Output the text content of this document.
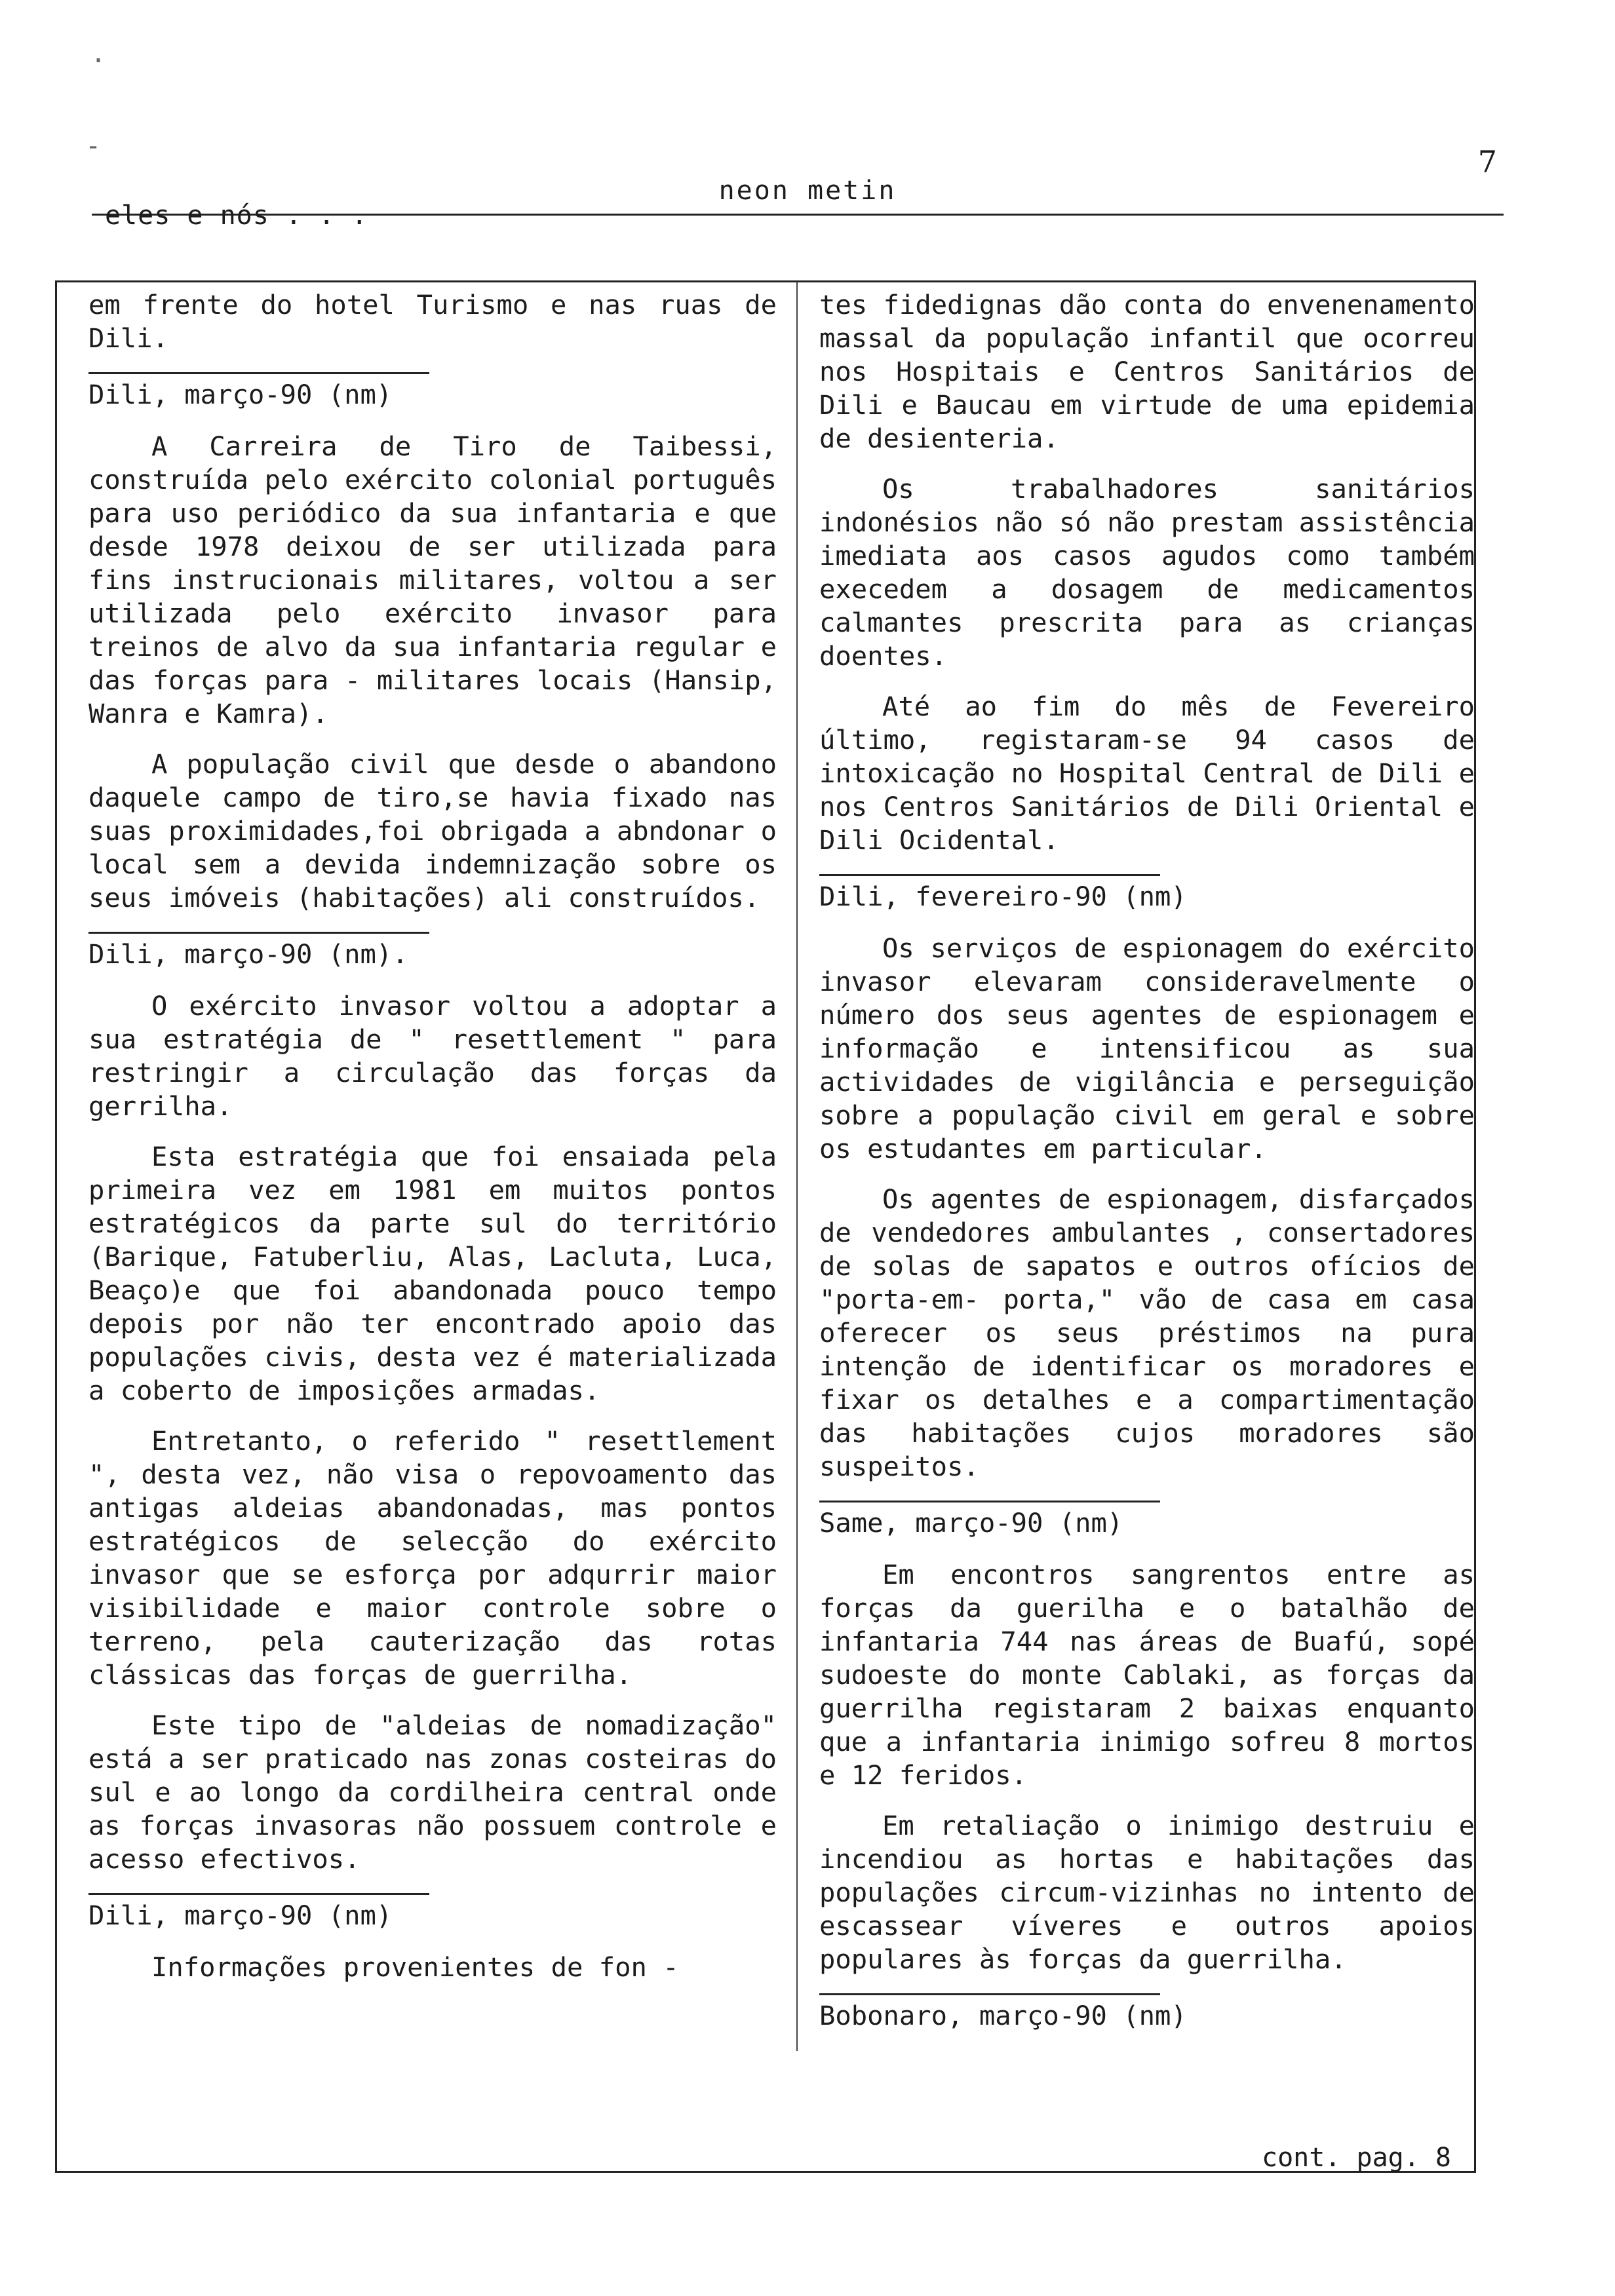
·
-	7
neon metin
eles e nós . . .

em frente do hotel Turismo e nas ruas de Dili.

Dili, março-90 (nm)

A Carreira de Tiro de Taibessi, construída pelo exército colonial português para uso periódico da sua infantaria e que desde 1978 deixou de ser utilizada para fins instrucionais militares, voltou a ser utilizada pelo exército invasor para treinos de alvo da sua infantaria regular e das forças para - militares locais (Hansip, Wanra e Kamra).

A população civil que desde o abandono daquele campo de tiro,se havia fixado nas suas proximidades,foi obrigada a abndonar o local sem a devida indemnização sobre os seus imóveis (habitações) ali construídos.

Dili, março-90 (nm).

O exército invasor voltou a adoptar a sua estratégia de " resettlement " para restringir a circulação das forças da gerrilha.

Esta estratégia que foi ensaiada pela primeira vez em 1981 em muitos pontos estratégicos da parte sul do território (Barique, Fatuberliu, Alas, Lacluta, Luca, Beaço)e que foi abandonada pouco tempo depois por não ter encontrado apoio das populações civis, desta vez é materializada a coberto de imposições armadas.

Entretanto, o referido " resettlement ", desta vez, não visa o repovoamento das antigas aldeias abandonadas, mas pontos estratégicos de selecção do exército invasor que se esforça por adqurrir maior visibilidade e maior controle sobre o terreno, pela cauterização das rotas clássicas das forças de guerrilha.

Este tipo de "aldeias de nomadização" está a ser praticado nas zonas costeiras do sul e ao longo da cordilheira central onde as forças invasoras não possuem controle e acesso efectivos.

Dili, março-90 (nm)

Informações provenientes de fon -

tes fidedignas dão conta do envenenamento massal da população infantil que ocorreu nos Hospitais e Centros Sanitários de Dili e Baucau em virtude de uma epidemia de desienteria.

Os trabalhadores sanitários indonésios não só não prestam assistência imediata aos casos agudos como também execedem a dosagem de medicamentos calmantes prescrita para as crianças doentes.

Até ao fim do mês de Fevereiro último, registaram-se 94 casos de intoxicação no Hospital Central de Dili e nos Centros Sanitários de Dili Oriental e Dili Ocidental.

Dili, fevereiro-90 (nm)

Os serviços de espionagem do exército invasor elevaram consideravelmente o número dos seus agentes de espionagem e informação e intensificou as sua actividades de vigilância e perseguição sobre a população civil em geral e sobre os estudantes em particular.

Os agentes de espionagem, disfarçados de vendedores ambulantes , consertadores de solas de sapatos e outros ofícios de "porta-em- porta," vão de casa em casa oferecer os seus préstimos na pura intenção de identificar os moradores e fixar os detalhes e a compartimentação das habitações cujos moradores são suspeitos.

Same, março-90 (nm)

Em encontros sangrentos entre as forças da guerilha e o batalhão de infantaria 744 nas áreas de Buafú, sopé sudoeste do monte Cablaki, as forças da guerrilha registaram 2 baixas enquanto que a infantaria inimigo sofreu 8 mortos e 12 feridos.

Em retaliação o inimigo destruiu e incendiou as hortas e habitações das populações circum-vizinhas no intento de escassear víveres e outros apoios populares às forças da guerrilha.

Bobonaro, março-90 (nm)

cont. pag. 8
